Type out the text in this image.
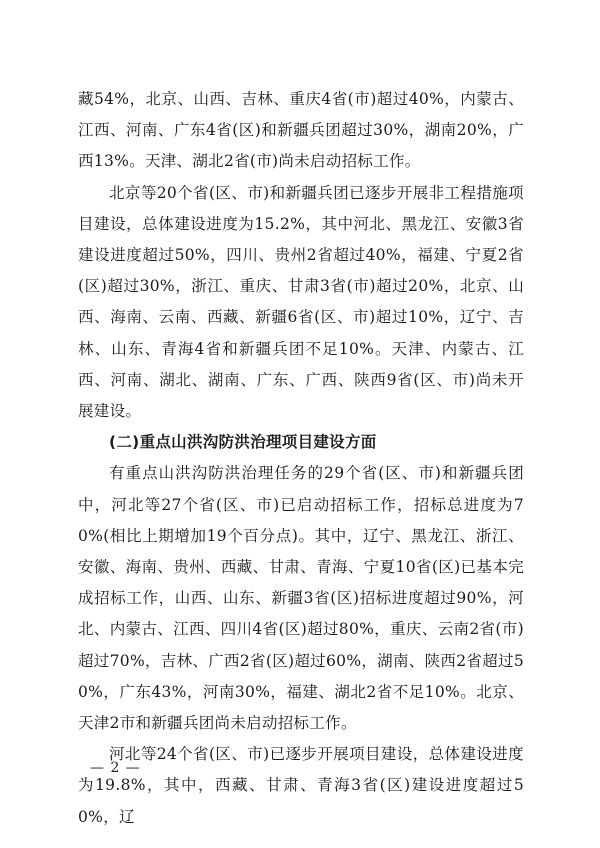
藏54%，北京、山西、吉林、重庆4省(市)超过40%，内蒙古、江西、河南、广东4省(区)和新疆兵团超过30%，湖南20%，广西13%。天津、湖北2省(市)尚未启动招标工作。

北京等20个省(区、市)和新疆兵团已逐步开展非工程措施项目建设，总体建设进度为15.2%，其中河北、黑龙江、安徽3省建设进度超过50%，四川、贵州2省超过40%，福建、宁夏2省(区)超过30%，浙江、重庆、甘肃3省(市)超过20%，北京、山西、海南、云南、西藏、新疆6省(区、市)超过10%，辽宁、吉林、山东、青海4省和新疆兵团不足10%。天津、内蒙古、江西、河南、湖北、湖南、广东、广西、陕西9省(区、市)尚未开展建设。

(二)重点山洪沟防洪治理项目建设方面

有重点山洪沟防洪治理任务的29个省(区、市)和新疆兵团中，河北等27个省(区、市)已启动招标工作，招标总进度为70%(相比上期增加19个百分点)。其中，辽宁、黑龙江、浙江、安徽、海南、贵州、西藏、甘肃、青海、宁夏10省(区)已基本完成招标工作，山西、山东、新疆3省(区)招标进度超过90%，河北、内蒙古、江西、四川4省(区)超过80%，重庆、云南2省(市)超过70%，吉林、广西2省(区)超过60%，湖南、陕西2省超过50%，广东43%，河南30%，福建、湖北2省不足10%。北京、天津2市和新疆兵团尚未启动招标工作。

河北等24个省(区、市)已逐步开展项目建设，总体建设进度为19.8%，其中，西藏、甘肃、青海3省(区)建设进度超过50%，辽

— 2 —
